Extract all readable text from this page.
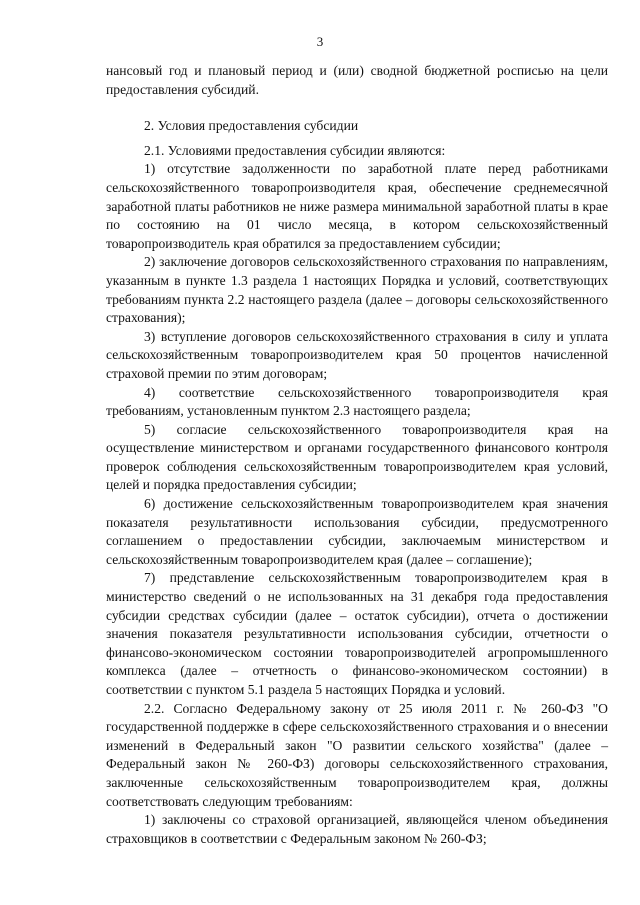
3

нансовый год и плановый период и (или) сводной бюджетной росписью на цели предоставления субсидий.

2. Условия предоставления субсидии

2.1. Условиями предоставления субсидии являются:

1) отсутствие задолженности по заработной плате перед работниками сельскохозяйственного товаропроизводителя края, обеспечение среднемесячной заработной платы работников не ниже размера минимальной заработной платы в крае по состоянию на 01 число месяца, в котором сельскохозяйственный товаропроизводитель края обратился за предоставлением субсидии;

2) заключение договоров сельскохозяйственного страхования по направлениям, указанным в пункте 1.3 раздела 1 настоящих Порядка и условий, соответствующих требованиям пункта 2.2 настоящего раздела (далее – договоры сельскохозяйственного страхования);

3) вступление договоров сельскохозяйственного страхования в силу и уплата сельскохозяйственным товаропроизводителем края 50 процентов начисленной страховой премии по этим договорам;

4) соответствие сельскохозяйственного товаропроизводителя края требованиям, установленным пунктом 2.3 настоящего раздела;

5) согласие сельскохозяйственного товаропроизводителя края на осуществление министерством и органами государственного финансового контроля проверок соблюдения сельскохозяйственным товаропроизводителем края условий, целей и порядка предоставления субсидии;

6) достижение сельскохозяйственным товаропроизводителем края значения показателя результативности использования субсидии, предусмотренного соглашением о предоставлении субсидии, заключаемым министерством и сельскохозяйственным товаропроизводителем края (далее – соглашение);

7) представление сельскохозяйственным товаропроизводителем края в министерство сведений о не использованных на 31 декабря года предоставления субсидии средствах субсидии (далее – остаток субсидии), отчета о достижении значения показателя результативности использования субсидии, отчетности о финансово-экономическом состоянии товаропроизводителей агропромышленного комплекса (далее – отчетность о финансово-экономическом состоянии) в соответствии с пунктом 5.1 раздела 5 настоящих Порядка и условий.

2.2. Согласно Федеральному закону от 25 июля 2011 г. № 260-ФЗ "О государственной поддержке в сфере сельскохозяйственного страхования и о внесении изменений в Федеральный закон "О развитии сельского хозяйства" (далее – Федеральный закон № 260-ФЗ) договоры сельскохозяйственного страхования, заключенные сельскохозяйственным товаропроизводителем края, должны соответствовать следующим требованиям:

1) заключены со страховой организацией, являющейся членом объединения страховщиков в соответствии с Федеральным законом № 260-ФЗ;
